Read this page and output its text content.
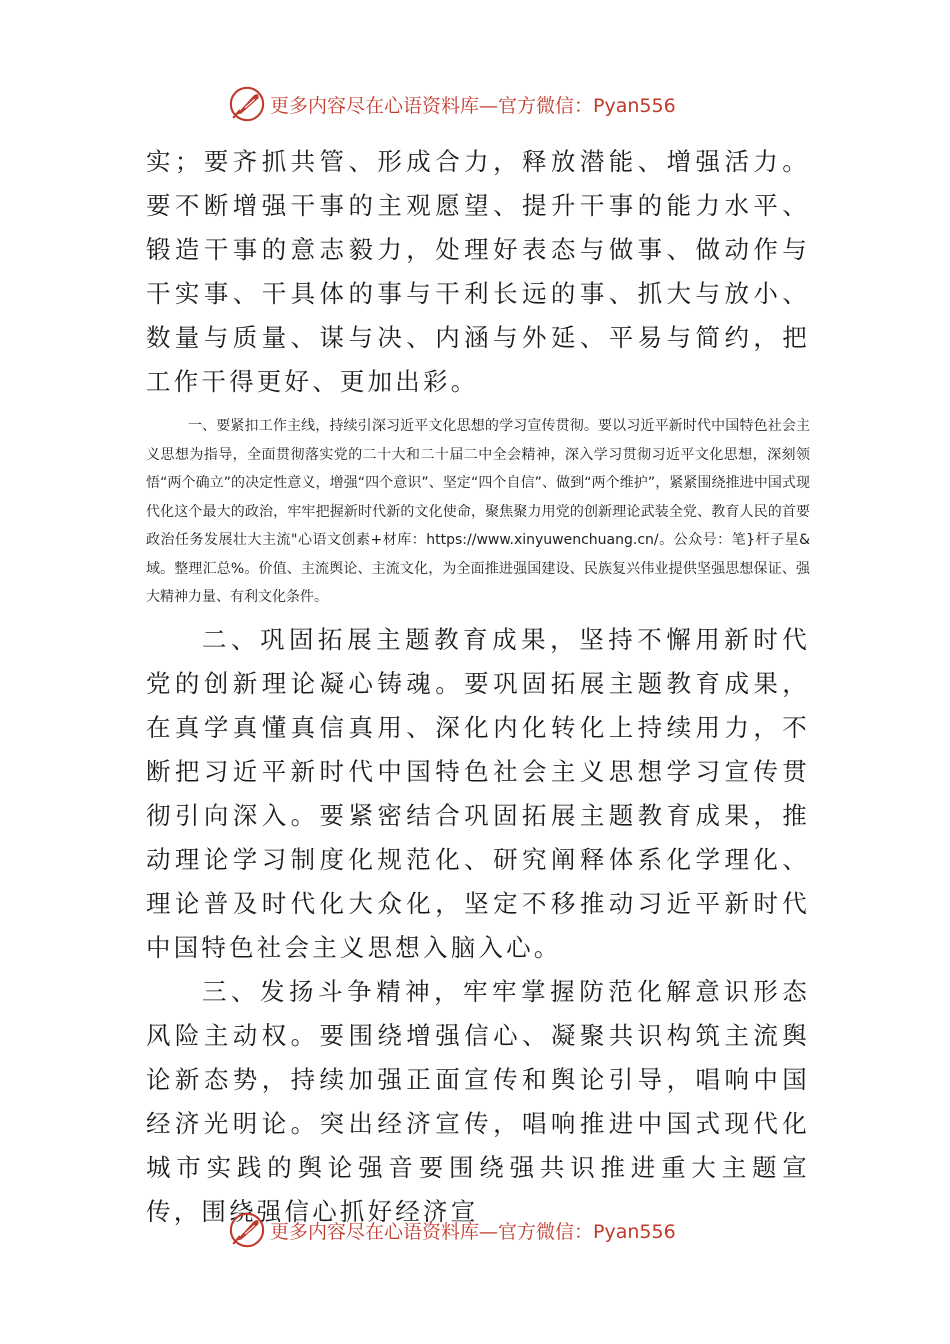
更多内容尽在心语资料库—官方微信：Pyan556

实；要齐抓共管、形成合力，释放潜能、增强活力。要不断增强干事的主观愿望、提升干事的能力水平、锻造干事的意志毅力，处理好表态与做事、做动作与干实事、干具体的事与干利长远的事、抓大与放小、数量与质量、谋与决、内涵与外延、平易与简约，把工作干得更好、更加出彩。

一、要紧扣工作主线，持续引深习近平文化思想的学习宣传贯彻。要以习近平新时代中国特色社会主义思想为指导，全面贯彻落实党的二十大和二十届二中全会精神，深入学习贯彻习近平文化思想，深刻领悟“两个确立”的决定性意义，增强“四个意识”、坚定“四个自信”、做到“两个维护”，紧紧围绕推进中国式现代化这个最大的政治，牢牢把握新时代新的文化使命，聚焦聚力用党的创新理论武装全党、教育人民的首要政治任务发展壮大主流"心语文创素+材库：https://www.xinyuwenchuang.cn/。公众号：笔}杆子星&域。整理汇总%。价值、主流舆论、主流文化，为全面推进强国建设、民族复兴伟业提供坚强思想保证、强大精神力量、有利文化条件。

二、巩固拓展主题教育成果，坚持不懈用新时代党的创新理论凝心铸魂。要巩固拓展主题教育成果，在真学真懂真信真用、深化内化转化上持续用力，不断把习近平新时代中国特色社会主义思想学习宣传贯彻引向深入。要紧密结合巩固拓展主题教育成果，推动理论学习制度化规范化、研究阐释体系化学理化、理论普及时代化大众化，坚定不移推动习近平新时代中国特色社会主义思想入脑入心。

三、发扬斗争精神，牢牢掌握防范化解意识形态风险主动权。要围绕增强信心、凝聚共识构筑主流舆论新态势，持续加强正面宣传和舆论引导，唱响中国经济光明论。突出经济宣传，唱响推进中国式现代化城市实践的舆论强音要围绕强共识推进重大主题宣传，围绕强信心抓好经济宣

更多内容尽在心语资料库—官方微信：Pyan556
